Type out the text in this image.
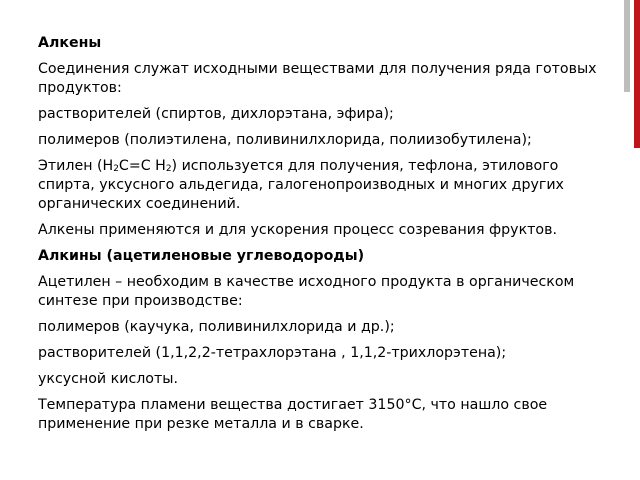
Алкены

Соединения служат исходными веществами для получения ряда готовых продуктов:

растворителей (спиртов, дихлорэтана, эфира);

полимеров (полиэтилена, поливинилхлорида, полиизобутилена);

Этилен ($H_2C=C$ $H_2$) используется для получения, тефлона, этилового спирта, уксусного альдегида, галогенопроизводных и многих других органических соединений.

Алкены применяются и для ускорения процесс созревания фруктов.

Алкины (ацетиленовые углеводороды)

Ацетилен – необходим в качестве исходного продукта в органическом синтезе при производстве:

полимеров (каучука, поливинилхлорида и др.);

растворителей (1,1,2,2-тетрахлорэтана , 1,1,2-трихлорэтена);

уксусной кислоты.

Температура пламени вещества достигает 3150°С, что нашло свое применение при резке металла и в сварке.
